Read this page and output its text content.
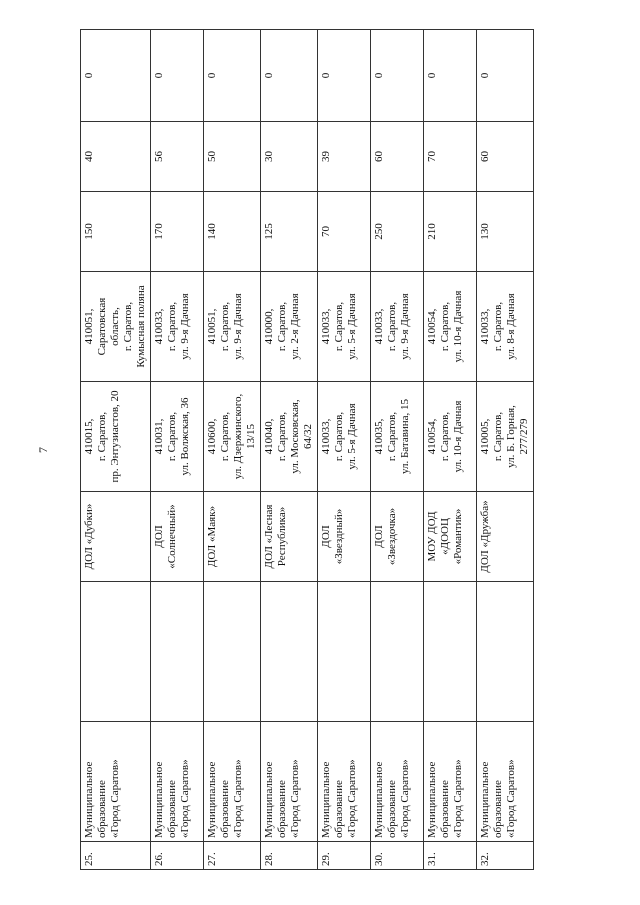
7
25.	Муниципальное
образование
«Город Саратов»		ДОЛ «Дубки»	410015,
г. Саратов,
пр. Энтузиастов, 20	410051,
Саратовская
область,
г. Саратов,
Кумысная поляна	150	40	0
26.	Муниципальное
образование
«Город Саратов»		ДОЛ
«Солнечный»	410031,
г. Саратов,
ул. Волжская, 36	410033,
г. Саратов,
ул. 9-я Дачная	170	56	0
27.	Муниципальное
образование
«Город Саратов»		ДОЛ «Маяк»	410600,
г. Саратов,
ул. Дзержинского,
13/15	410051,
г. Саратов,
ул. 9-я Дачная	140	50	0
28.	Муниципальное
образование
«Город Саратов»		ДОЛ «Лесная
Республика»	410040,
г. Саратов,
ул. Московская,
64/32	410000,
г. Саратов,
ул. 2-я Дачная	125	30	0
29.	Муниципальное
образование
«Город Саратов»		ДОЛ
«Звездный»	410033,
г. Саратов,
ул. 5-я Дачная	410033,
г. Саратов,
ул. 5-я Дачная	70	39	0
30.	Муниципальное
образование
«Город Саратов»		ДОЛ
«Звездочка»	410035,
г. Саратов,
ул. Батавина, 15	410033,
г. Саратов,
ул. 9-я Дачная	250	60	0
31.	Муниципальное
образование
«Город Саратов»		МОУ ДОД
«ДООЦ
«Романтик»	410054,
г. Саратов,
ул. 10-я Дачная	410054,
г. Саратов,
ул. 10-я Дачная	210	70	0
32.	Муниципальное
образование
«Город Саратов»		ДОЛ «Дружба»	410005,
г. Саратов,
ул. Б. Горная,
277/279	410033,
г. Саратов,
ул. 8-я Дачная	130	60	0
